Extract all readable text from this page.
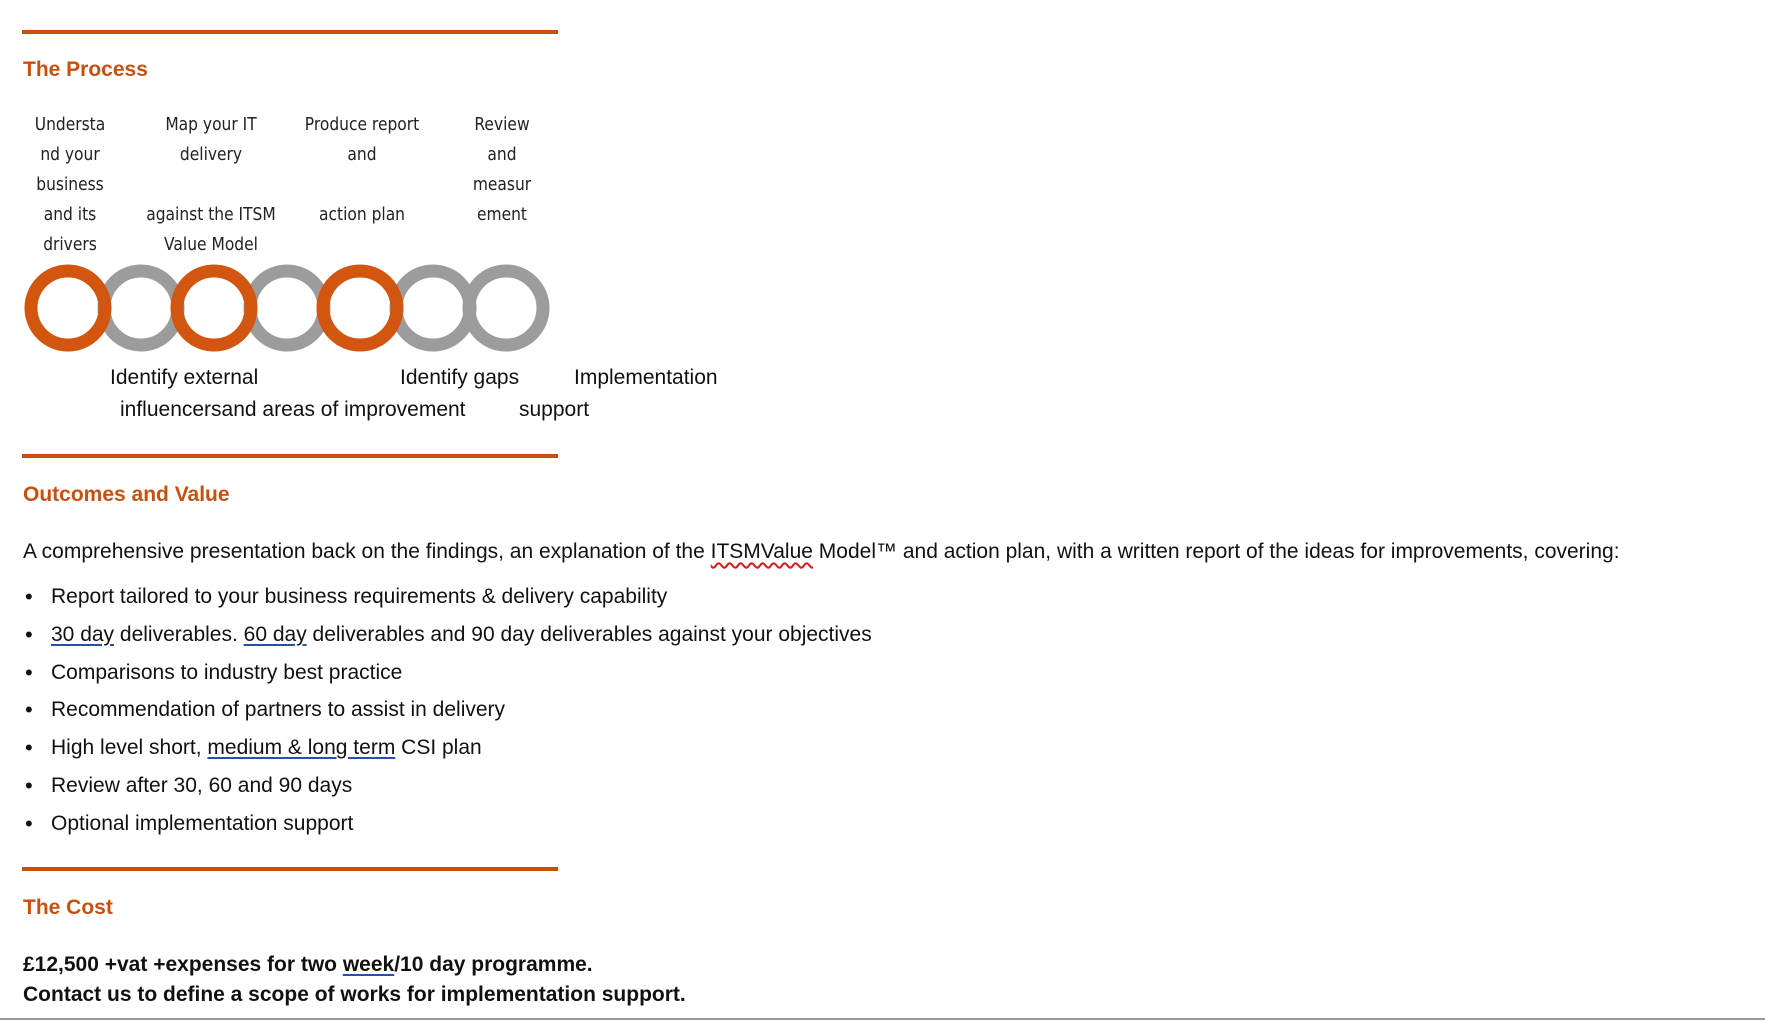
The Process
Understa
nd your
business
and its
drivers
Map your IT
delivery
against the ITSM
Value Model
Produce report
and
action plan
Review
and
measur
ement
Identify external
influencersand areas of improvement
Identify gaps	Implementation
support
Outcomes and Value
A comprehensive presentation back on the findings, an explanation of the ITSMValue Model™ and action plan, with a written report of the ideas for improvements, covering:
• Report tailored to your business requirements & delivery capability
• 30 day deliverables. 60 day deliverables and 90 day deliverables against your objectives
• Comparisons to industry best practice
• Recommendation of partners to assist in delivery
• High level short, medium & long term CSI plan
• Review after 30, 60 and 90 days
• Optional implementation support
The Cost
£12,500 +vat +expenses for two week/10 day programme.
Contact us to define a scope of works for implementation support.
